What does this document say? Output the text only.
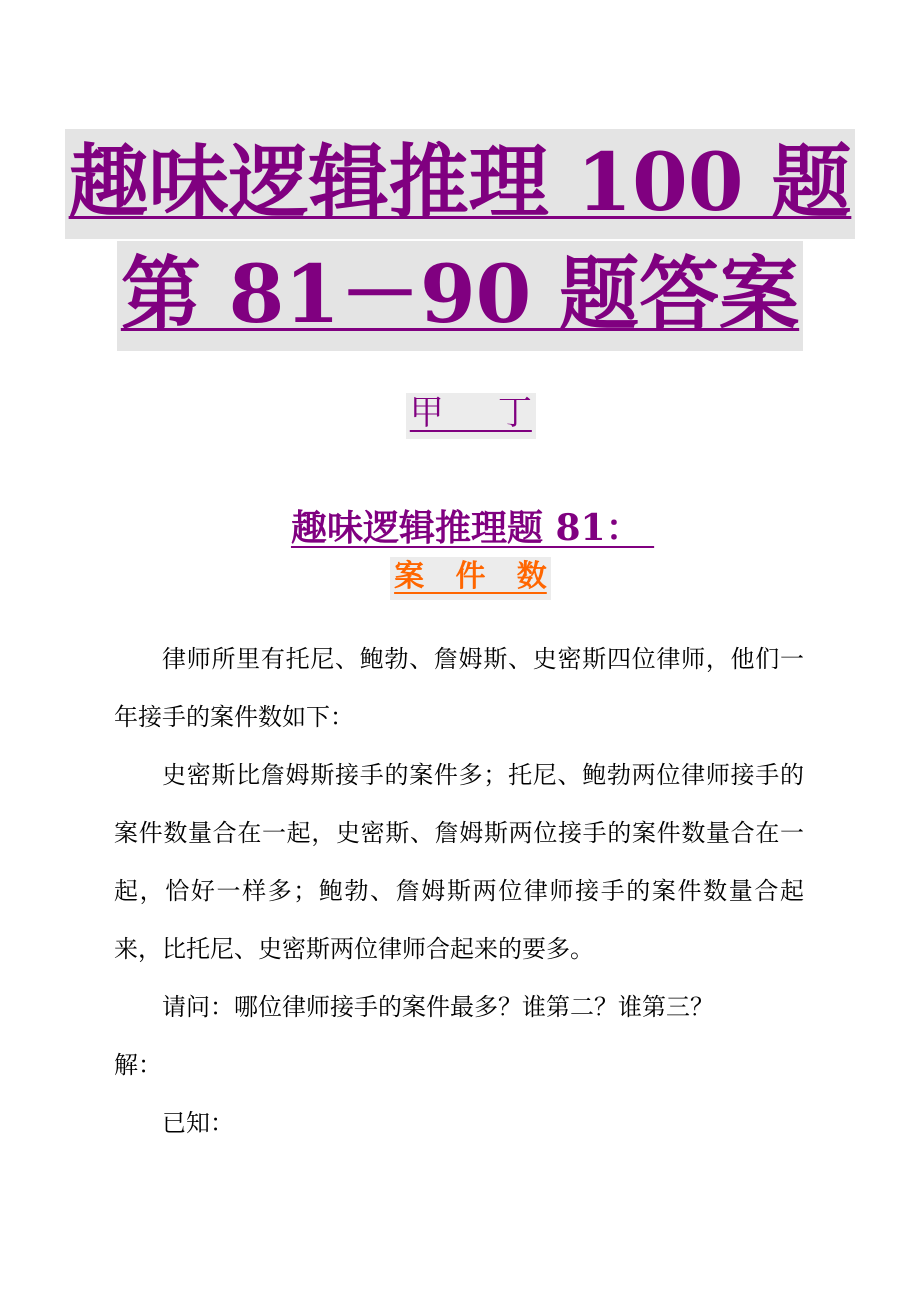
趣味逻辑推理 100 题
第 81－90 题答案

甲     丁

趣味逻辑推理题 81：

案   件   数

律师所里有托尼、鲍勃、詹姆斯、史密斯四位律师，他们一年接手的案件数如下：

史密斯比詹姆斯接手的案件多；托尼、鲍勃两位律师接手的案件数量合在一起，史密斯、詹姆斯两位接手的案件数量合在一起，恰好一样多；鲍勃、詹姆斯两位律师接手的案件数量合起来，比托尼、史密斯两位律师合起来的要多。

请问：哪位律师接手的案件最多？谁第二？谁第三？

解：

已知：
